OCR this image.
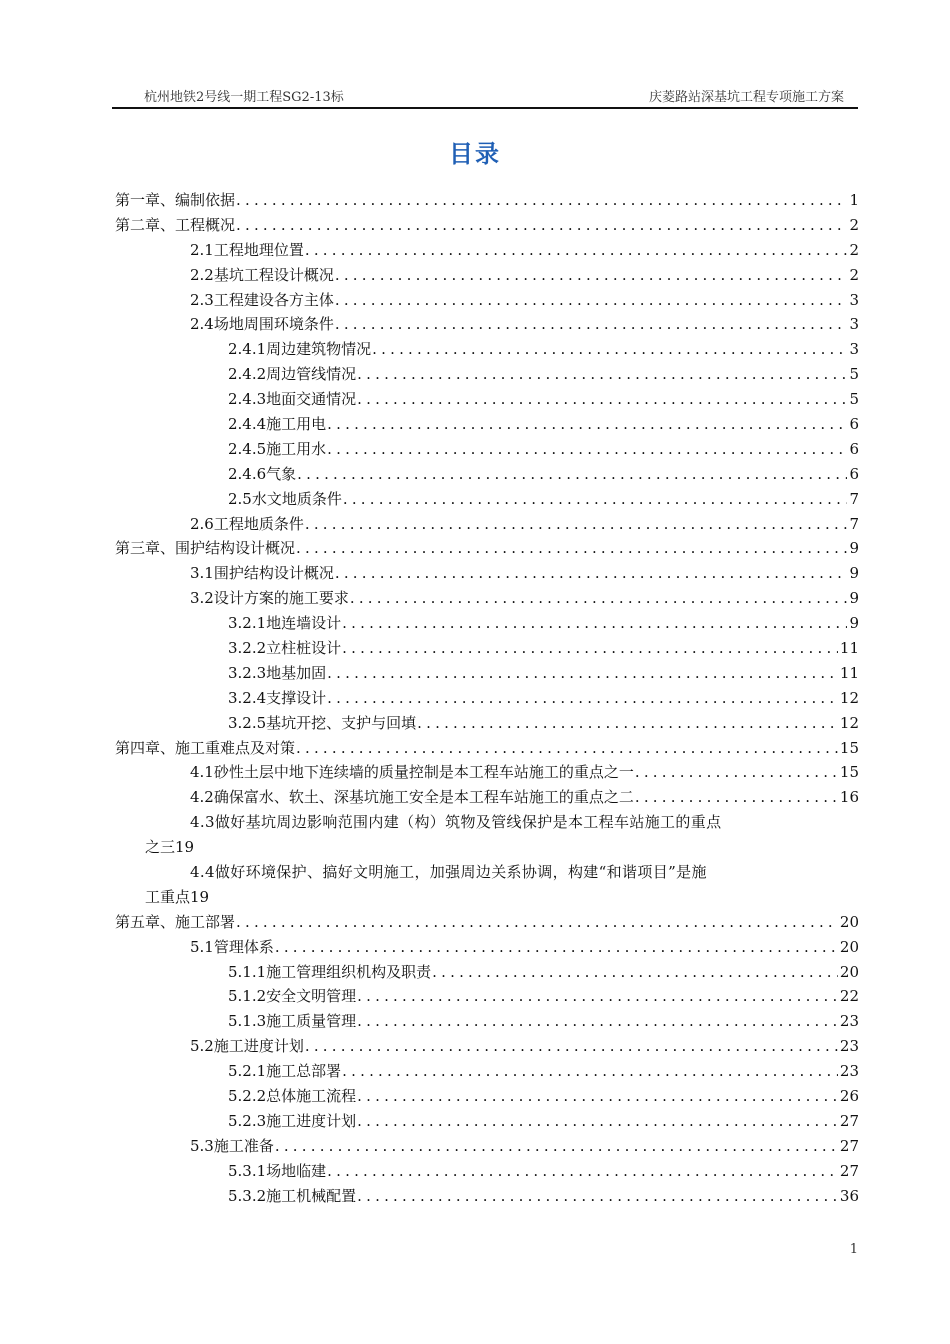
杭州地铁2号线一期工程SG2-13标	庆菱路站深基坑工程专项施工方案
目录
第一章、编制依据 .....	1
第二章、工程概况 .....	2
2.1工程地理位置 .....	2
2.2基坑工程设计概况 .....	2
2.3工程建设各方主体 .....	3
2.4场地周围环境条件 .....	3
2.4.1周边建筑物情况 .....	3
2.4.2周边管线情况 .....	5
2.4.3地面交通情况 .....	5
2.4.4施工用电 .....	6
2.4.5施工用水 .....	6
2.4.6气象 .....	6
2.5水文地质条件 .....	7
2.6工程地质条件 .....	7
第三章、围护结构设计概况 .....	9
3.1围护结构设计概况 .....	9
3.2设计方案的施工要求 .....	9
3.2.1地连墙设计 .....	9
3.2.2立柱桩设计 .....	11
3.2.3地基加固 .....	11
3.2.4支撑设计 .....	12
3.2.5基坑开挖、支护与回填 .....	12
第四章、施工重难点及对策 .....	15
4.1砂性土层中地下连续墙的质量控制是本工程车站施工的重点之一 .....	15
4.2确保富水、软土、深基坑施工安全是本工程车站施工的重点之二 .....	16
4.3做好基坑周边影响范围内建（构）筑物及管线保护是本工程车站施工的重点
之三 19
4.4做好环境保护、搞好文明施工，加强周边关系协调，构建“和谐项目”是施
工重点 19
第五章、施工部署 .....	20
5.1管理体系 .....	20
5.1.1施工管理组织机构及职责 .....	20
5.1.2安全文明管理 .....	22
5.1.3施工质量管理 .....	23
5.2施工进度计划 .....	23
5.2.1施工总部署 .....	23
5.2.2总体施工流程 .....	26
5.2.3施工进度计划 .....	27
5.3施工准备 .....	27
5.3.1场地临建 .....	27
5.3.2施工机械配置 .....	36
1
